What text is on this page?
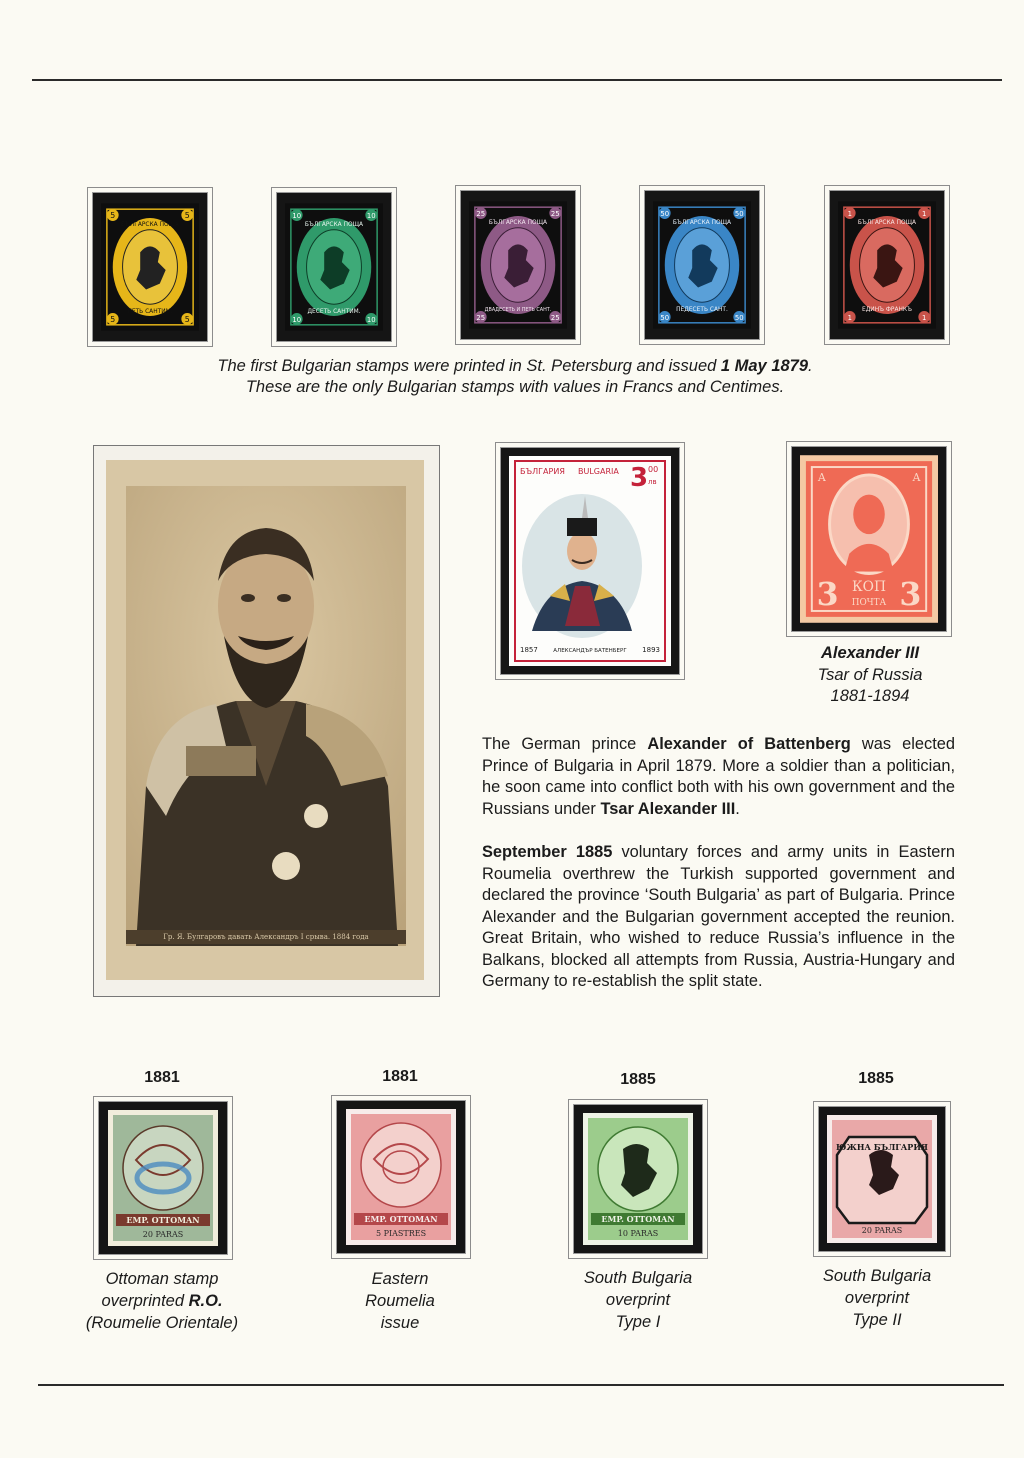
5	5
5	5
БЪЛГАРСКА ПОЩА
ПЕТЬ САНТИМ.
10	10
10	10
БЪЛГАРСКА ПОЩА
ДЕСЕТЬ САНТИМ.
25	25
25	25
БЪЛГАРСКА ПОЩА
ДВАДЕСЕТЬ И ПЕТЬ САНТ.
50	50
50	50
БЪЛГАРСКА ПОЩА
ПЕДЕСЕТЬ САНТ.
1	1
1	1
БЪЛГАРСКА ПОЩА
ЕДИНЪ ФРАНКЪ
The first Bulgarian stamps were printed in St. Petersburg and issued 1 May 1879.
These are the only Bulgarian stamps with values in Francs and Centimes.
Гр. Я. Булгаровъ давать Александръ I срыва. 1884 года
БЪЛГАРИЯ BULGARIA 3 00
лв
1857	АЛЕКСАНДЪР БАТЕНБЕРГ 1893
А	А
3 3
КОП
ПОЧТА
Alexander III
Tsar of Russia
1881-1894
The German prince Alexander of Battenberg was elected Prince of Bulgaria in April 1879. More a soldier than a politician, he soon came into conflict both with his own government and the Russians under Tsar Alexander III.
September 1885 voluntary forces and army units in Eastern Roumelia overthrew the Turkish supported government and declared the province ‘South Bulgaria’ as part of Bulgaria. Prince Alexander and the Bulgarian government accepted the reunion. Great Britain, who wished to reduce Russia’s influence in the Balkans, blocked all attempts from Russia, Austria-Hungary and Germany to re-establish the split state.
1881	1881	1885	1885
EMP. OTTOMAN
20 PARAS
EMP. OTTOMAN
5 PIASTRES
EMP. OTTOMAN
10 PARAS
ЮЖНА БЪЛГАРИЯ
20 PARAS
Ottoman stamp
overprinted R.O.
(Roumelie Orientale)
Eastern
Roumelia
issue
South Bulgaria
overprint
Type I
South Bulgaria
overprint
Type II
